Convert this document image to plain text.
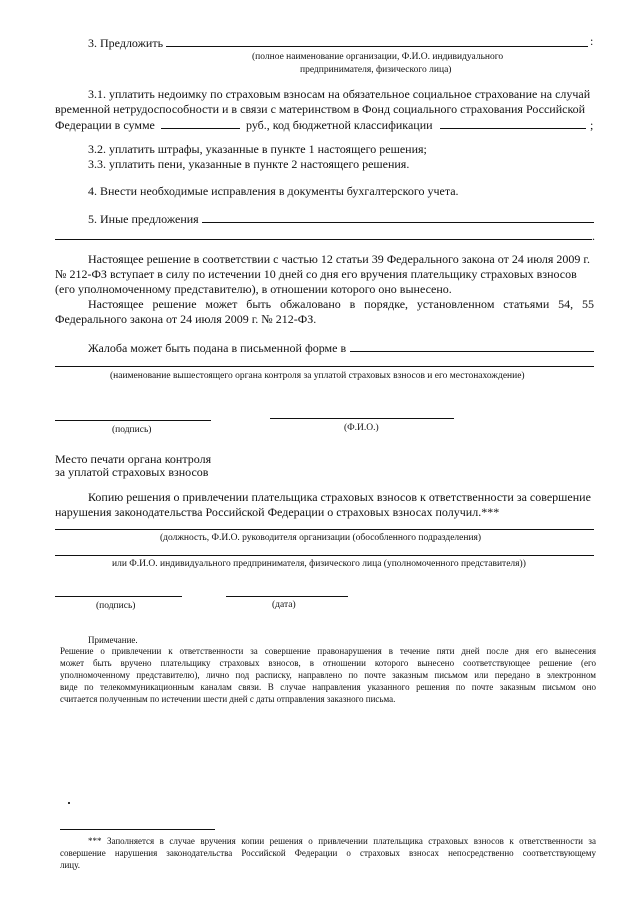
3. Предложить	:
(полное наименование организации, Ф.И.О. индивидуального
предпринимателя, физического лица)
3.1. уплатить недоимку по страховым взносам на обязательное социальное страхование на случай
временной нетрудоспособности и в связи с материнством в Фонд социального страхования Российской
Федерации в сумме	руб., код бюджетной классификации	;
3.2. уплатить штрафы, указанные в пункте 1 настоящего решения;
3.3. уплатить пени, указанные в пункте 2 настоящего решения.
4. Внести необходимые исправления в документы бухгалтерского учета.
5. Иные предложения
.
Настоящее решение в соответствии с частью 12 статьи 39 Федерального закона от 24 июля 2009 г.
№ 212-ФЗ вступает в силу по истечении 10 дней со дня его вручения плательщику страховых взносов
(его уполномоченному представителю), в отношении которого оно вынесено.
Настоящее решение может быть обжаловано в порядке, установленном статьями 54, 55
Федерального закона от 24 июля 2009 г. № 212-ФЗ.
Жалоба может быть подана в письменной форме в
(наименование вышестоящего органа контроля за уплатой страховых взносов и его местонахождение)
(подпись)	(Ф.И.О.)
Место печати органа контроля
за уплатой страховых взносов
Копию решения о привлечении плательщика страховых взносов к ответственности за совершение
нарушения законодательства Российской Федерации о страховых взносах получил.***
(должность, Ф.И.О. руководителя организации (обособленного подразделения)
или Ф.И.О. индивидуального предпринимателя, физического лица (уполномоченного представителя))
(подпись)	(дата)
Примечание.
Решение о привлечении к ответственности за совершение правонарушения в течение пяти дней после дня его вынесения
может быть вручено плательщику страховых взносов, в отношении которого вынесено соответствующее решение (его
уполномоченному представителю), лично под расписку, направлено по почте заказным письмом или передано в электронном
виде по телекоммуникационным каналам связи. В случае направления указанного решения по почте заказным письмом оно
считается полученным по истечении шести дней с даты отправления заказного письма.
*** Заполняется в случае вручения копии решения о привлечении плательщика страховых взносов к ответственности за
совершение нарушения законодательства Российской Федерации о страховых взносах непосредственно соответствующему
лицу.
